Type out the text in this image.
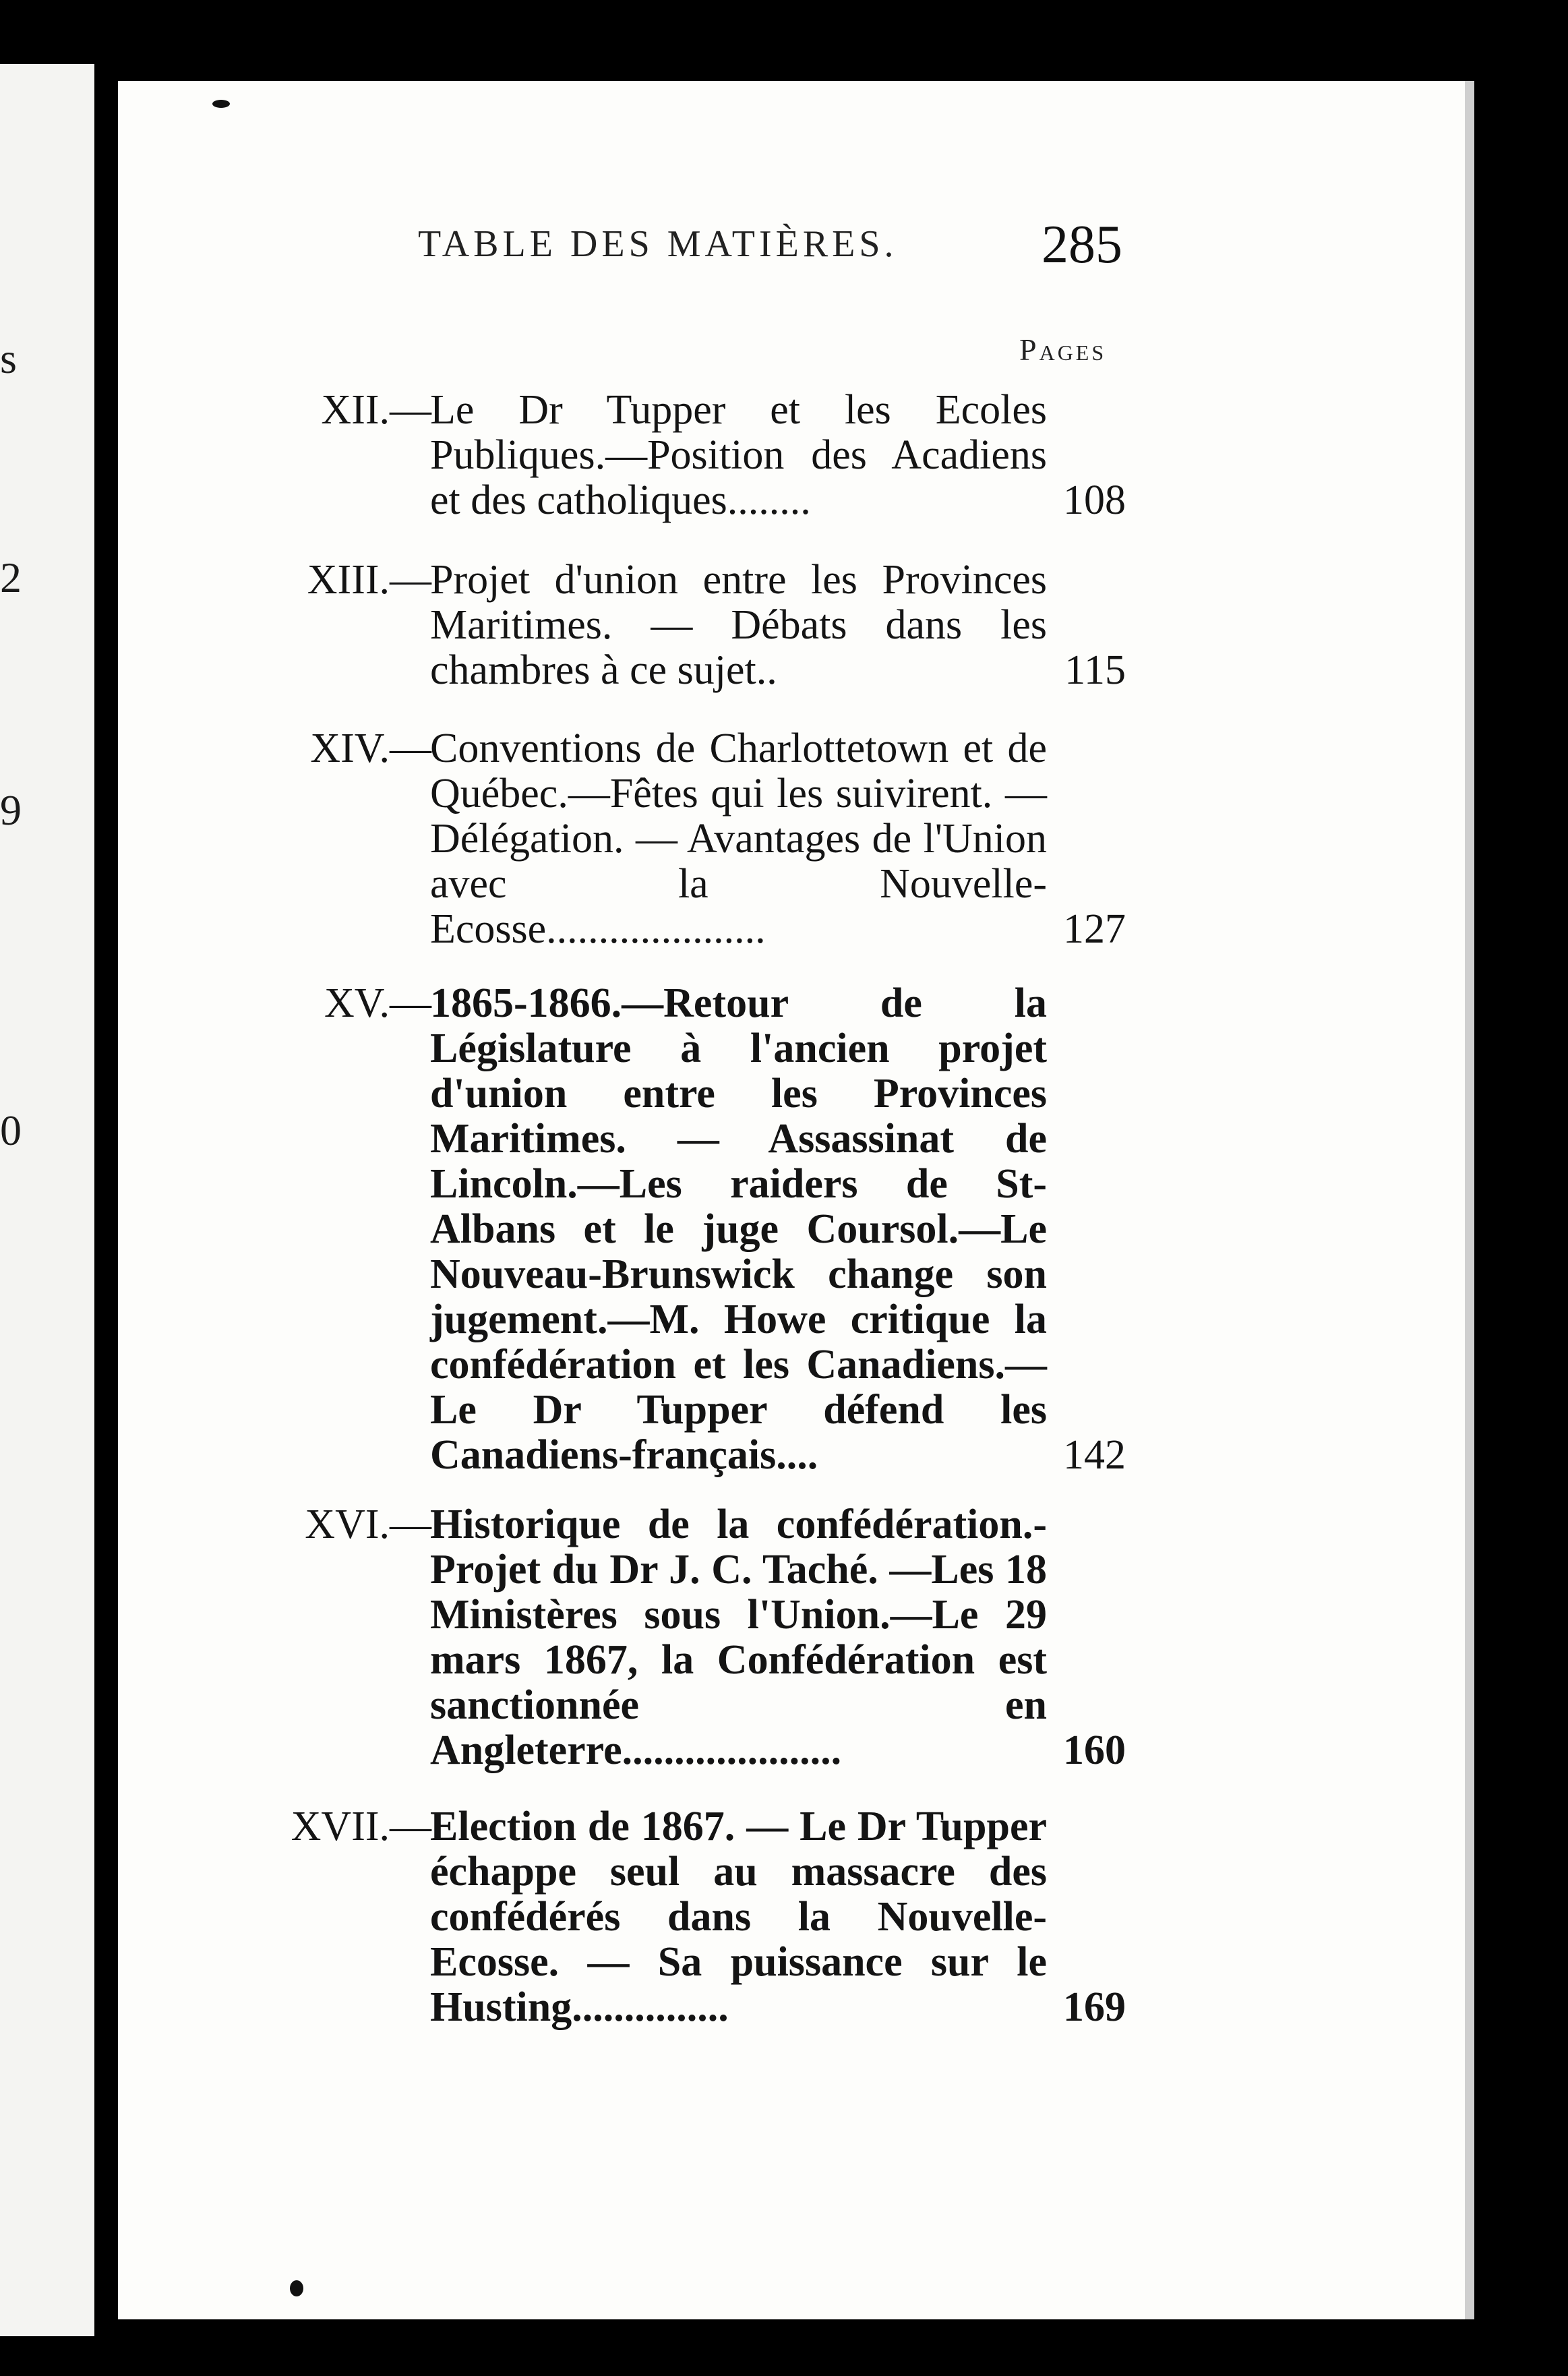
s
2
9
0
TABLE DES MATIÈRES.	285
Pages
XII.—
Le Dr Tupper et les Ecoles Publiques.—Position des Acadiens et des catholiques........	108
XIII.—
Projet d'union entre les Provinces Maritimes. — Débats dans les chambres à ce sujet..	115
XIV.—
Conventions de Charlottetown et de Québec.—Fêtes qui les suivirent. — Délégation. — Avantages de l'Union avec la Nouvelle-Ecosse.....................	127
XV.—
1865-1866.—Retour de la Législature à l'ancien projet d'union entre les Provinces Maritimes. — Assassinat de Lincoln.—Les raiders de St-Albans et le juge Coursol.—Le Nouveau-Brunswick change son jugement.—M. Howe critique la confédération et les Canadiens.—Le Dr Tupper défend les Canadiens-français....	142
XVI.—
Historique de la confédération.-Projet du Dr J. C. Taché. —Les 18 Ministères sous l'Union.—Le 29 mars 1867, la Confédération est sanctionnée en Angleterre.....................	160
XVII.—
Election de 1867. — Le Dr Tupper échappe seul au massacre des confédérés dans la Nouvelle-Ecosse. — Sa puissance sur le Husting...............	169
